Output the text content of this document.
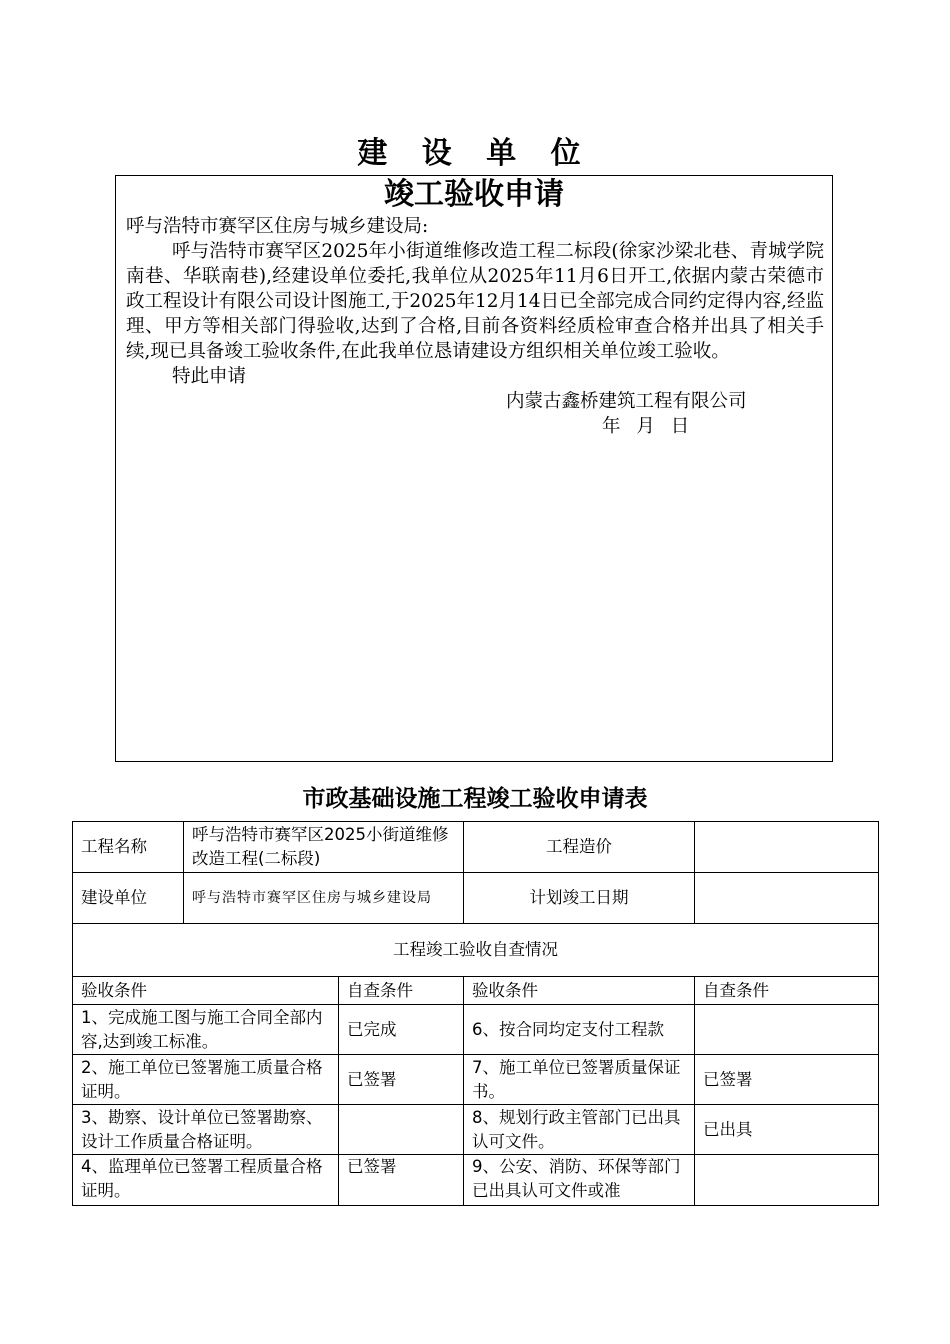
建 设 单 位
竣工验收申请

呼与浩特市赛罕区住房与城乡建设局:

呼与浩特市赛罕区2025年小街道维修改造工程二标段(徐家沙梁北巷、青城学院南巷、华联南巷),经建设单位委托,我单位从2025年11月6日开工,依据内蒙古荣德市政工程设计有限公司设计图施工,于2025年12月14日已全部完成合同约定得内容,经监理、甲方等相关部门得验收,达到了合格,目前各资料经质检审查合格并出具了相关手续,现已具备竣工验收条件,在此我单位恳请建设方组织相关单位竣工验收。

特此申请

内蒙古鑫桥建筑工程有限公司

年 月 日

市政基础设施工程竣工验收申请表
工程名称	呼与浩特市赛罕区2025小街道维修改造工程(二标段)		工程造价	
建设单位	呼与浩特市赛罕区住房与城乡建设局		计划竣工日期	
工程竣工验收自查情况				
验收条件		自查条件	验收条件	自查条件
1、完成施工图与施工合同全部内容,达到竣工标准。		已完成	6、按合同均定支付工程款	
2、施工单位已签署施工质量合格证明。		已签署	7、施工单位已签署质量保证书。	已签署
3、勘察、设计单位已签署勘察、设计工作质量合格证明。			8、规划行政主管部门已出具认可文件。	已出具
4、监理单位已签署工程质量合格证明。		已签署	9、公安、消防、环保等部门已出具认可文件或准	
